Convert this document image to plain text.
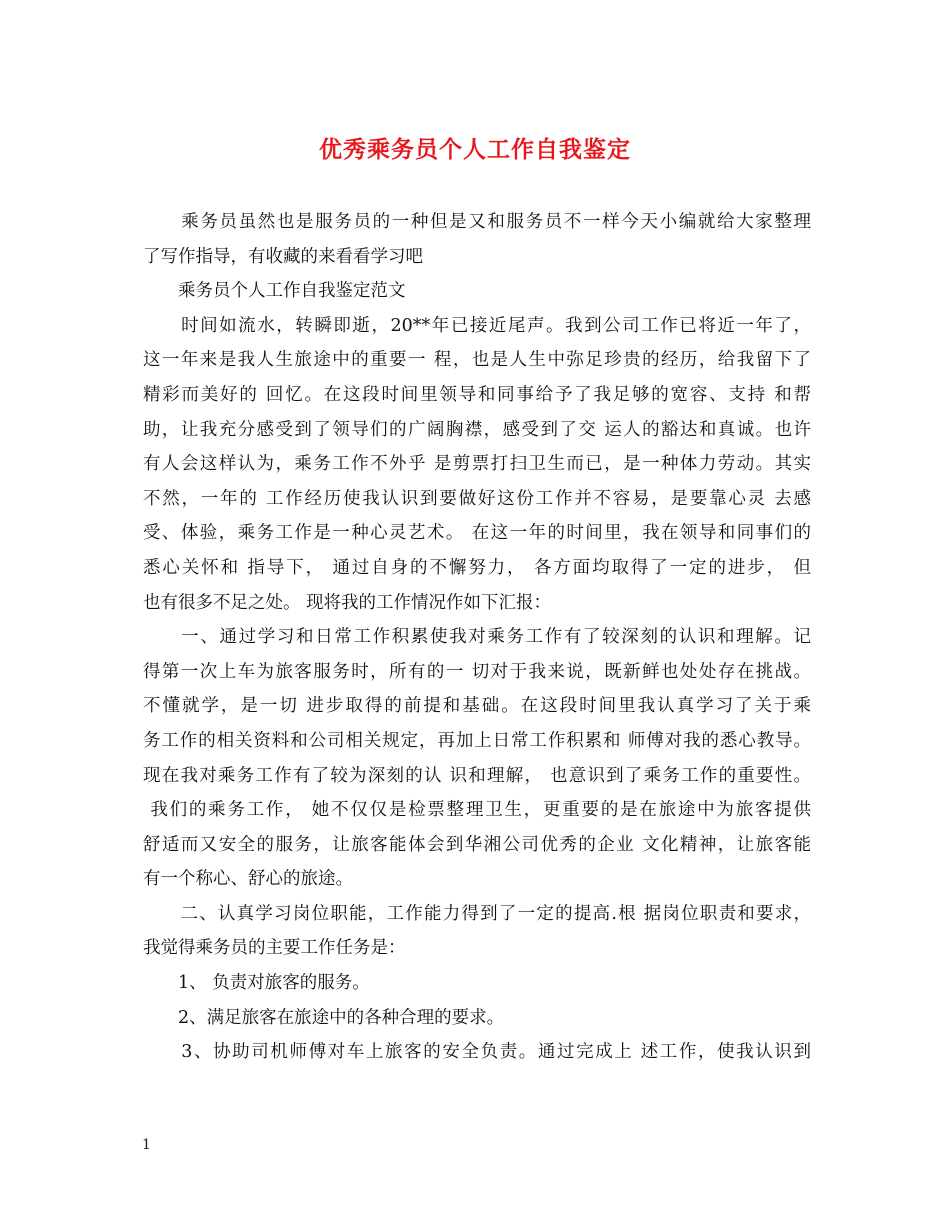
优秀乘务员个人工作自我鉴定
　　乘务员虽然也是服务员的一种但是又和服务员不一样今天小编就给大家整理
了写作指导，有收藏的来看看学习吧
　　乘务员个人工作自我鉴定范文
　　时间如流水，转瞬即逝，20**年已接近尾声。我到公司工作已将近一年了，
这一年来是我人生旅途中的重要一 程，也是人生中弥足珍贵的经历，给我留下了
精彩而美好的 回忆。在这段时间里领导和同事给予了我足够的宽容、支持 和帮
助，让我充分感受到了领导们的广阔胸襟，感受到了交 运人的豁达和真诚。也许
有人会这样认为，乘务工作不外乎 是剪票打扫卫生而已，是一种体力劳动。其实
不然，一年的 工作经历使我认识到要做好这份工作并不容易，是要靠心灵 去感
受、体验，乘务工作是一种心灵艺术。 在这一年的时间里，我在领导和同事们的
悉心关怀和 指导下， 通过自身的不懈努力， 各方面均取得了一定的进步， 但
也有很多不足之处。 现将我的工作情况作如下汇报：
　　一、通过学习和日常工作积累使我对乘务工作有了较深刻的认识和理解。记
得第一次上车为旅客服务时，所有的一 切对于我来说，既新鲜也处处存在挑战。
不懂就学，是一切 进步取得的前提和基础。在这段时间里我认真学习了关于乘
务工作的相关资料和公司相关规定，再加上日常工作积累和 师傅对我的悉心教导。
现在我对乘务工作有了较为深刻的认 识和理解， 也意识到了乘务工作的重要性。
我们的乘务工作， 她不仅仅是检票整理卫生，更重要的是在旅途中为旅客提供
舒适而又安全的服务，让旅客能体会到华湘公司优秀的企业 文化精神，让旅客能
有一个称心、舒心的旅途。
　　二、认真学习岗位职能，工作能力得到了一定的提高.根 据岗位职责和要求，
我觉得乘务员的主要工作任务是：
　　1、 负责对旅客的服务。
　　2、满足旅客在旅途中的各种合理的要求。
　　3、协助司机师傅对车上旅客的安全负责。通过完成上 述工作，使我认识到
1
